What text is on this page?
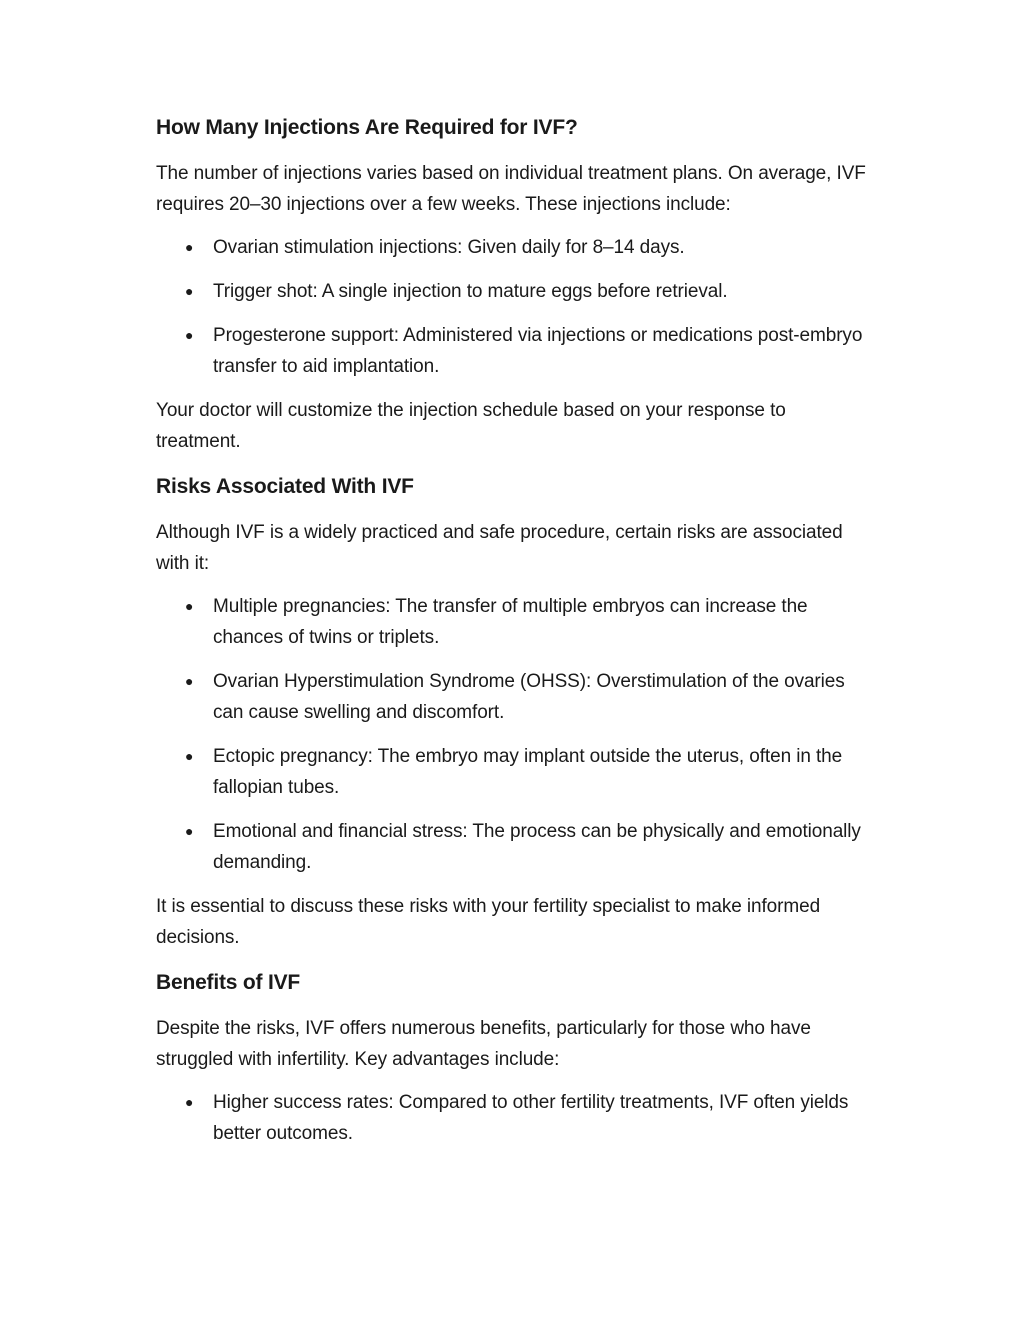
How Many Injections Are Required for IVF?

The number of injections varies based on individual treatment plans. On average, IVF requires 20–30 injections over a few weeks. These injections include:

● Ovarian stimulation injections: Given daily for 8–14 days.
● Trigger shot: A single injection to mature eggs before retrieval.
● Progesterone support: Administered via injections or medications post-embryo transfer to aid implantation.

Your doctor will customize the injection schedule based on your response to treatment.

Risks Associated With IVF

Although IVF is a widely practiced and safe procedure, certain risks are associated with it:

● Multiple pregnancies: The transfer of multiple embryos can increase the chances of twins or triplets.
● Ovarian Hyperstimulation Syndrome (OHSS): Overstimulation of the ovaries can cause swelling and discomfort.
● Ectopic pregnancy: The embryo may implant outside the uterus, often in the fallopian tubes.
● Emotional and financial stress: The process can be physically and emotionally demanding.

It is essential to discuss these risks with your fertility specialist to make informed decisions.

Benefits of IVF

Despite the risks, IVF offers numerous benefits, particularly for those who have struggled with infertility. Key advantages include:

● Higher success rates: Compared to other fertility treatments, IVF often yields better outcomes.
